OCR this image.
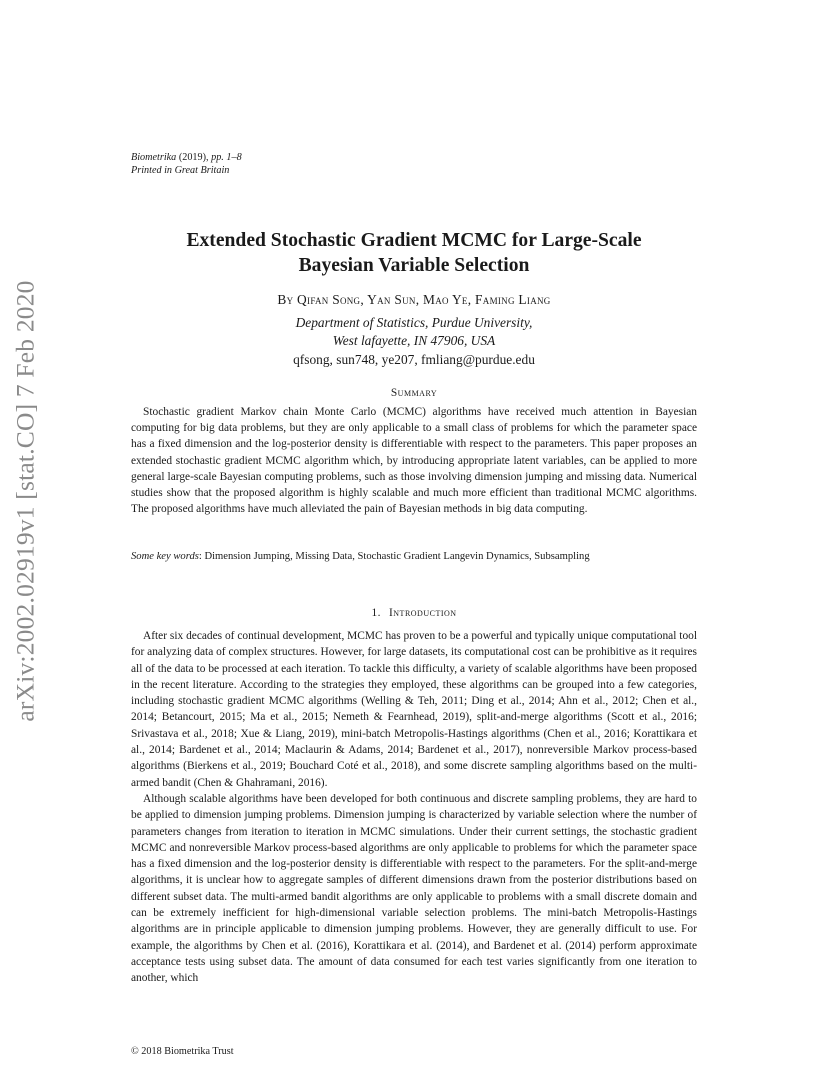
arXiv:2002.02919v1 [stat.CO] 7 Feb 2020
Biometrika (2019), pp. 1–8
Printed in Great Britain
Extended Stochastic Gradient MCMC for Large-Scale
Bayesian Variable Selection
By Qifan Song, Yan Sun, Mao Ye, Faming Liang
Department of Statistics, Purdue University,
West lafayette, IN 47906, USA
qfsong, sun748, ye207, fmliang@purdue.edu
Summary

Stochastic gradient Markov chain Monte Carlo (MCMC) algorithms have received much attention in Bayesian computing for big data problems, but they are only applicable to a small class of problems for which the parameter space has a fixed dimension and the log-posterior density is differentiable with respect to the parameters. This paper proposes an extended stochastic gradient MCMC algorithm which, by introducing appropriate latent variables, can be applied to more general large-scale Bayesian computing problems, such as those involving dimension jumping and missing data. Numerical studies show that the proposed algorithm is highly scalable and much more efficient than traditional MCMC algorithms. The proposed algorithms have much alleviated the pain of Bayesian methods in big data computing.

Some key words: Dimension Jumping, Missing Data, Stochastic Gradient Langevin Dynamics, Subsampling
1. Introduction

After six decades of continual development, MCMC has proven to be a powerful and typically unique computational tool for analyzing data of complex structures. However, for large datasets, its computational cost can be prohibitive as it requires all of the data to be processed at each iteration. To tackle this difficulty, a variety of scalable algorithms have been proposed in the recent literature. According to the strategies they employed, these algorithms can be grouped into a few categories, including stochastic gradient MCMC algorithms (Welling & Teh, 2011; Ding et al., 2014; Ahn et al., 2012; Chen et al., 2014; Betancourt, 2015; Ma et al., 2015; Nemeth & Fearnhead, 2019), split-and-merge algorithms (Scott et al., 2016; Srivastava et al., 2018; Xue & Liang, 2019), mini-batch Metropolis-Hastings algorithms (Chen et al., 2016; Korattikara et al., 2014; Bardenet et al., 2014; Maclaurin & Adams, 2014; Bardenet et al., 2017), nonreversible Markov process-based algorithms (Bierkens et al., 2019; Bouchard Coté et al., 2018), and some discrete sampling algorithms based on the multi-armed bandit (Chen & Ghahramani, 2016).

Although scalable algorithms have been developed for both continuous and discrete sampling problems, they are hard to be applied to dimension jumping problems. Dimension jumping is characterized by variable selection where the number of parameters changes from iteration to iteration in MCMC simulations. Under their current settings, the stochastic gradient MCMC and nonreversible Markov process-based algorithms are only applicable to problems for which the parameter space has a fixed dimension and the log-posterior density is differentiable with respect to the parameters. For the split-and-merge algorithms, it is unclear how to aggregate samples of different dimensions drawn from the posterior distributions based on different subset data. The multi-armed bandit algorithms are only applicable to problems with a small discrete domain and can be extremely inefficient for high-dimensional variable selection problems. The mini-batch Metropolis-Hastings algorithms are in principle applicable to dimension jumping problems. However, they are generally difficult to use. For example, the algorithms by Chen et al. (2016), Korattikara et al. (2014), and Bardenet et al. (2014) perform approximate acceptance tests using subset data. The amount of data consumed for each test varies significantly from one iteration to another, which

© 2018 Biometrika Trust
